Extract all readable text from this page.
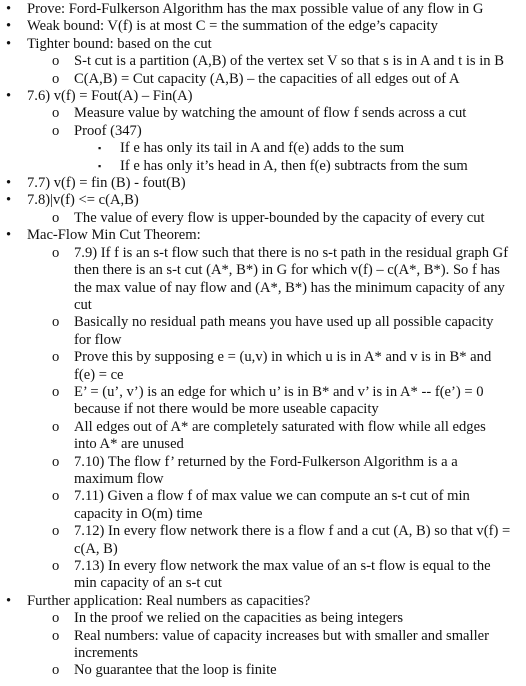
• Prove: Ford-Fulkerson Algorithm has the max possible value of any flow in G
• Weak bound: V(f) is at most C = the summation of the edge’s capacity
• Tighter bound: based on the cut
o S-t cut is a partition (A,B) of the vertex set V so that s is in A and t is in B
o C(A,B) = Cut capacity (A,B) – the capacities of all edges out of A
• 7.6) v(f) = Fout(A) – Fin(A)
o Measure value by watching the amount of flow f sends across a cut
o Proof (347)
▪ If e has only its tail in A and f(e) adds to the sum
▪ If e has only it’s head in A, then f(e) subtracts from the sum
• 7.7) v(f) = fin (B) - fout(B)
• 7.8)|v(f) <= c(A,B)
o The value of every flow is upper-bounded by the capacity of every cut
• Mac-Flow Min Cut Theorem:
o 7.9) If f is an s-t flow such that there is no s-t path in the residual graph Gf
then there is an s-t cut (A*, B*) in G for which v(f) – c(A*, B*). So f has
the max value of nay flow and (A*, B*) has the minimum capacity of any
cut
o Basically no residual path means you have used up all possible capacity
for flow
o Prove this by supposing e = (u,v) in which u is in A* and v is in B* and
f(e) = ce
o E’ = (u’, v’) is an edge for which u’ is in B* and v’ is in A* -- f(e’) = 0
because if not there would be more useable capacity
o All edges out of A* are completely saturated with flow while all edges
into A* are unused
o 7.10) The flow f’ returned by the Ford-Fulkerson Algorithm is a a
maximum flow
o 7.11) Given a flow f of max value we can compute an s-t cut of min
capacity in O(m) time
o 7.12) In every flow network there is a flow f and a cut (A, B) so that v(f) =
c(A, B)
o 7.13) In every flow network the max value of an s-t flow is equal to the
min capacity of an s-t cut
• Further application: Real numbers as capacities?
o In the proof we relied on the capacities as being integers
o Real numbers: value of capacity increases but with smaller and smaller
increments
o No guarantee that the loop is finite
